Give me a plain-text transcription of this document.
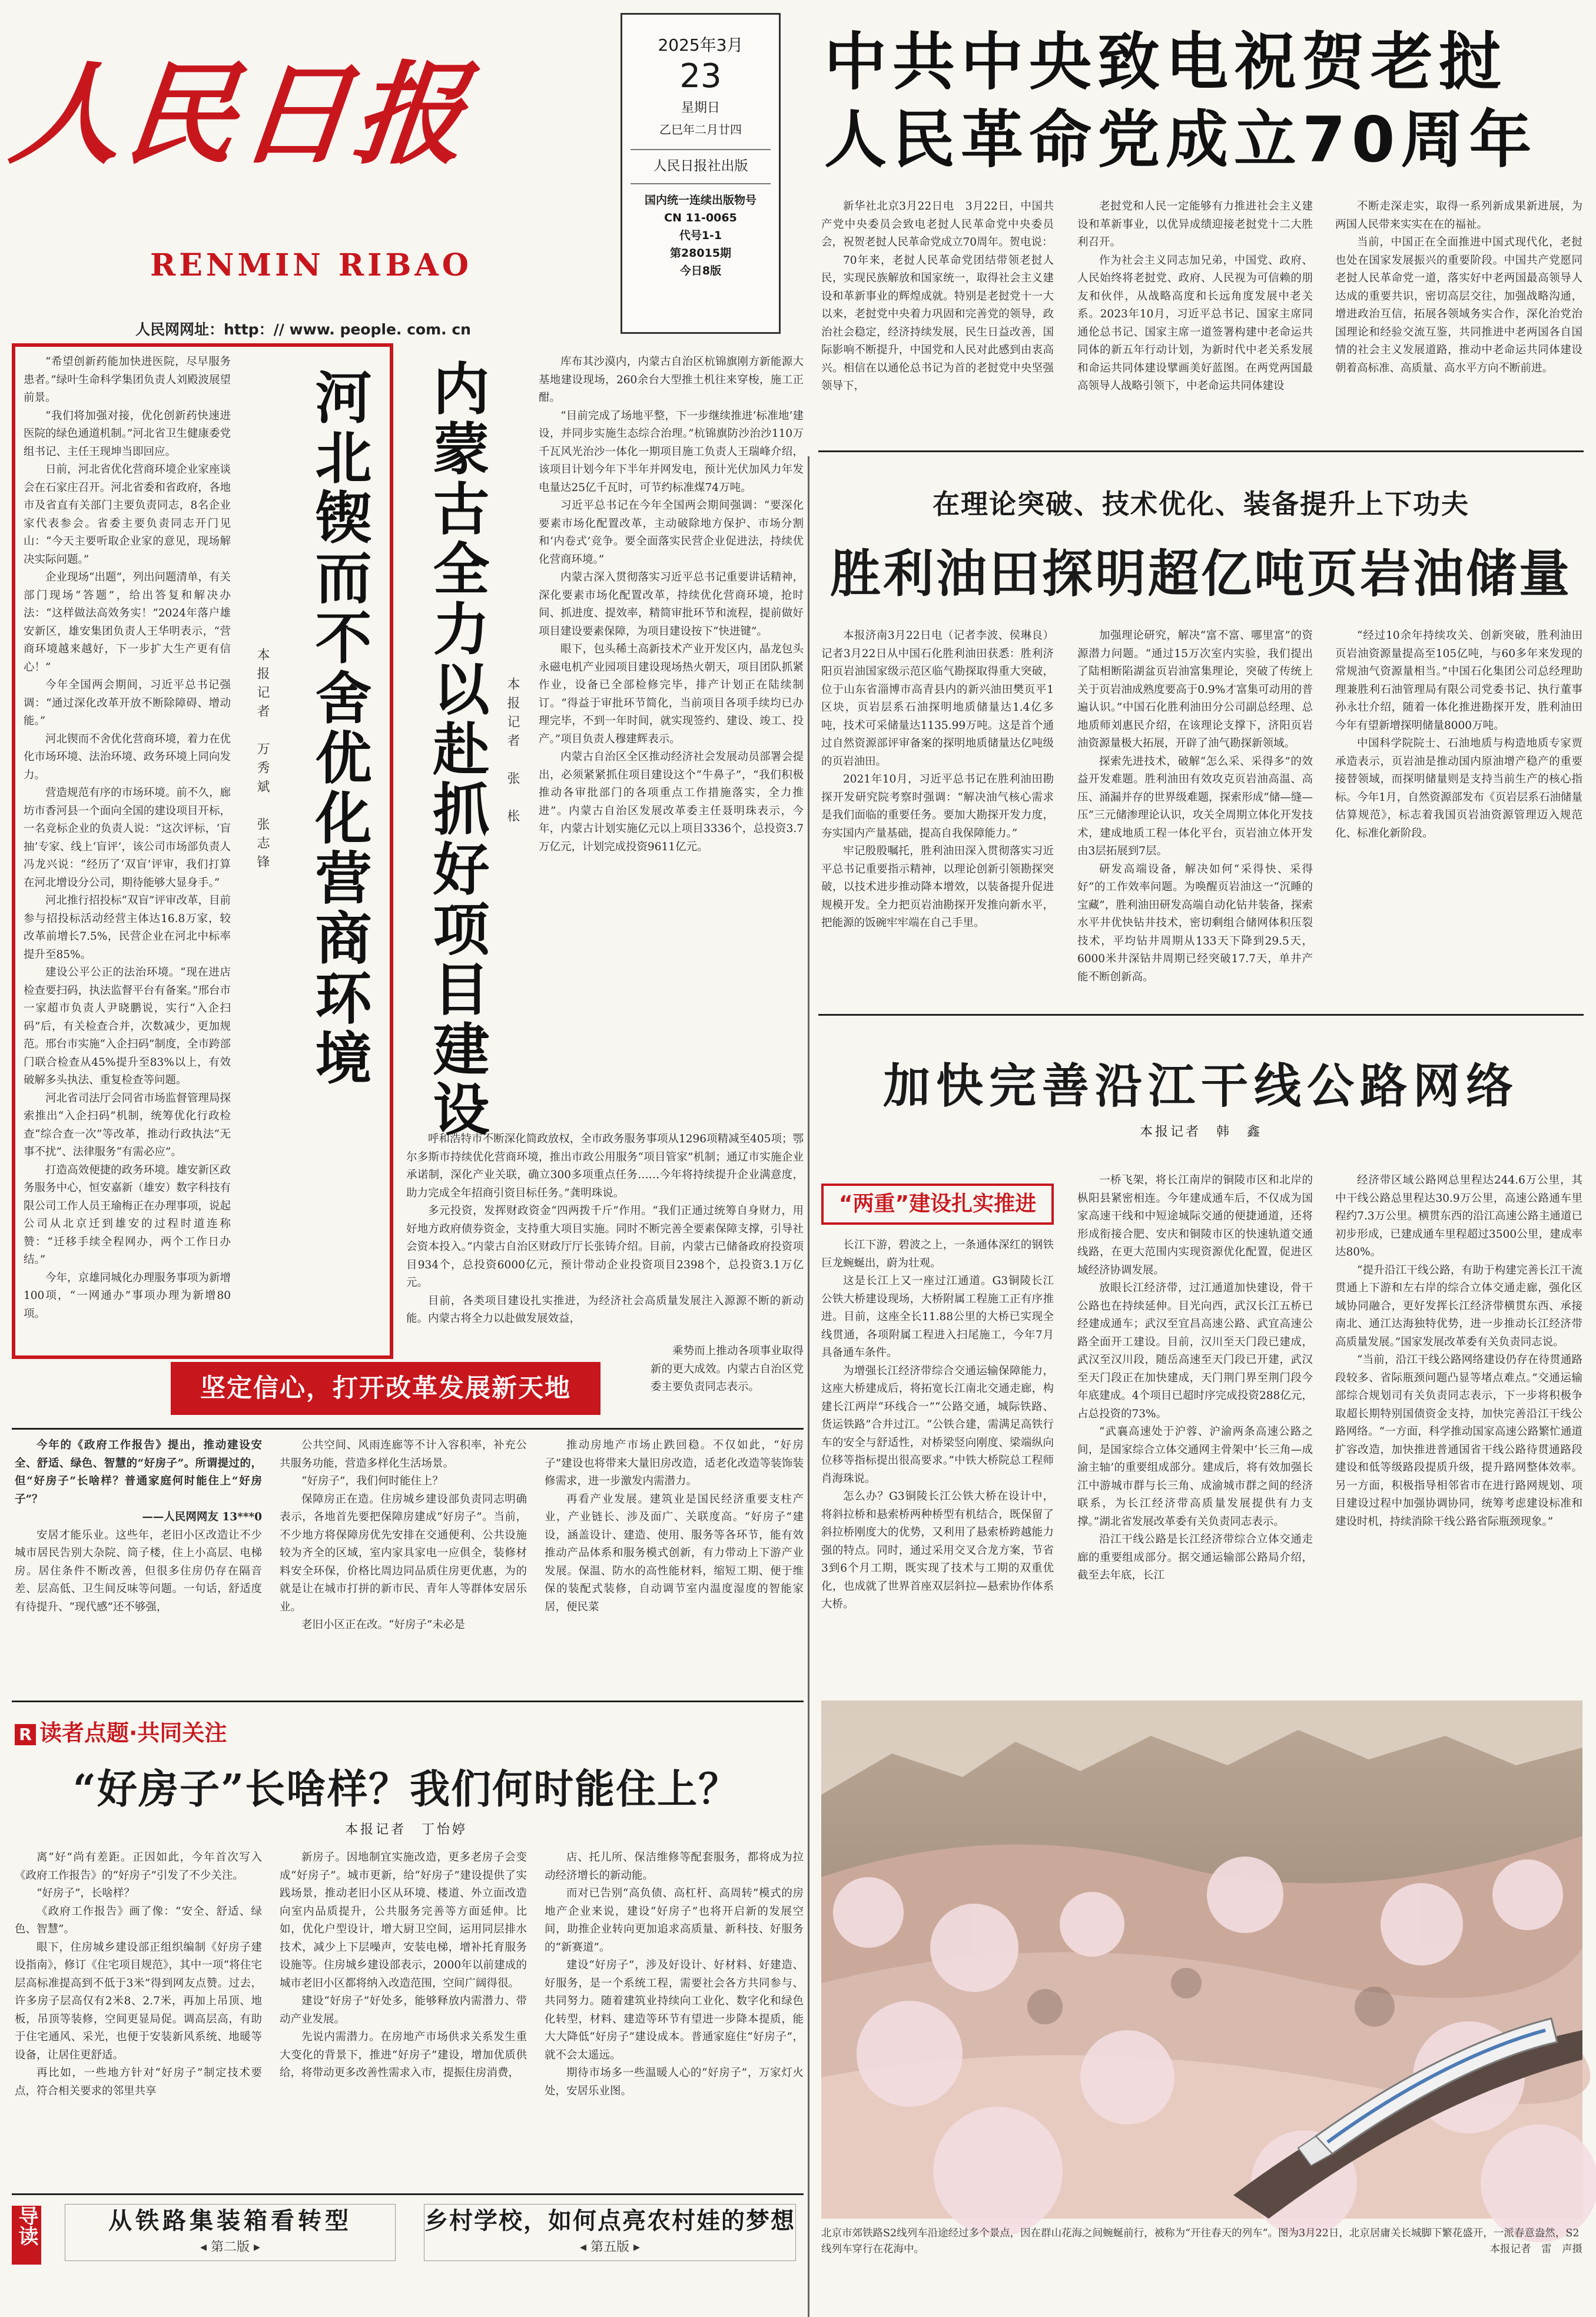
人民日报
RENMIN RIBAO
人民网网址：http：// www. people. com. cn
2025年3月
23
星期日
乙巳年二月廿四
人民日报社出版
国内统一连续出版物号
CN 11-0065
代号1-1
第28015期
今日8版
中共中央致电祝贺老挝
人民革命党成立70周年

新华社北京3月22日电　3月22日，中国共产党中央委员会致电老挝人民革命党中央委员会，祝贺老挝人民革命党成立70周年。贺电说：

70年来，老挝人民革命党团结带领老挝人民，实现民族解放和国家统一，取得社会主义建设和革新事业的辉煌成就。特别是老挝党十一大以来，老挝党中央着力巩固和完善党的领导，政治社会稳定，经济持续发展，民生日益改善，国际影响不断提升，中国党和人民对此感到由衷高兴。相信在以通伦总书记为首的老挝党中央坚强领导下，

老挝党和人民一定能够有力推进社会主义建设和革新事业，以优异成绩迎接老挝党十二大胜利召开。

作为社会主义同志加兄弟，中国党、政府、人民始终将老挝党、政府、人民视为可信赖的朋友和伙伴，从战略高度和长远角度发展中老关系。2023年10月，习近平总书记、国家主席同通伦总书记、国家主席一道签署构建中老命运共同体的新五年行动计划，为新时代中老关系发展和命运共同体建设擘画美好蓝图。在两党两国最高领导人战略引领下，中老命运共同体建设

不断走深走实，取得一系列新成果新进展，为两国人民带来实实在在的福祉。

当前，中国正在全面推进中国式现代化，老挝也处在国家发展振兴的重要阶段。中国共产党愿同老挝人民革命党一道，落实好中老两国最高领导人达成的重要共识，密切高层交往，加强战略沟通，增进政治互信，拓展各领域务实合作，深化治党治国理论和经验交流互鉴，共同推进中老两国各自国情的社会主义发展道路，推动中老命运共同体建设朝着高标准、高质量、高水平方向不断前进。

在理论突破、技术优化、装备提升上下功夫
胜利油田探明超亿吨页岩油储量

本报济南3月22日电（记者李波、侯琳良）记者3月22日从中国石化胜利油田获悉：胜利济阳页岩油国家级示范区临气勘探取得重大突破，位于山东省淄博市高青县内的新兴油田樊页平1区块，页岩层系石油探明地质储量达1.4亿多吨，技术可采储量达1135.99万吨。这是首个通过自然资源部评审备案的探明地质储量达亿吨级的页岩油田。

2021年10月，习近平总书记在胜利油田勘探开发研究院考察时强调：“解决油气核心需求是我们面临的重要任务。要加大勘探开发力度，夯实国内产量基础，提高自我保障能力。”

牢记殷殷嘱托，胜利油田深入贯彻落实习近平总书记重要指示精神，以理论创新引领勘探突破，以技术进步推动降本增效，以装备提升促进规模开发。全力把页岩油勘探开发推向新水平，把能源的饭碗牢牢端在自己手里。

加强理论研究，解决“富不富、哪里富”的资源潜力问题。“通过15万次室内实验，我们提出了陆相断陷湖盆页岩油富集理论，突破了传统上关于页岩油成熟度要高于0.9%才富集可动用的普遍认识。”中国石化胜利油田分公司副总经理、总地质师刘惠民介绍，在该理论支撑下，济阳页岩油资源量极大拓展，开辟了油气勘探新领域。

探索先进技术，破解“怎么采、采得多”的效益开发难题。胜利油田有效攻克页岩油高温、高压、涌漏并存的世界级难题，探索形成“储—缝—压”三元储渗理论认识，攻关全周期立体化开发技术，建成地质工程一体化平台，页岩油立体开发由3层拓展到7层。

研发高端设备，解决如何“采得快、采得好”的工作效率问题。为唤醒页岩油这一“沉睡的宝藏”，胜利油田研发高端自动化钻井装备，探索水平井优快钻井技术，密切剩组合储网体积压裂技术，平均钻井周期从133天下降到29.5天，6000米井深钻井周期已经突破17.7天，单井产能不断创新高。

“经过10余年持续攻关、创新突破，胜利油田页岩油资源量提高至105亿吨，与60多年来发现的常规油气资源量相当。”中国石化集团公司总经理助理兼胜利石油管理局有限公司党委书记、执行董事孙永壮介绍，随着一体化推进勘探开发，胜利油田今年有望新增探明储量8000万吨。

中国科学院院士、石油地质与构造地质专家贾承造表示，页岩油是推动国内原油增产稳产的重要接替领域，而探明储量则是支持当前生产的核心指标。今年1月，自然资源部发布《页岩层系石油储量估算规范》，标志着我国页岩油资源管理迈入规范化、标准化新阶段。

“希望创新药能加快进医院，尽早服务患者。”绿叶生命科学集团负责人刘殿波展望前景。

“我们将加强对接，优化创新药快速进医院的绿色通道机制。”河北省卫生健康委党组书记、主任王现坤当即回应。

日前，河北省优化营商环境企业家座谈会在石家庄召开。河北省委和省政府，各地市及省直有关部门主要负责同志，8名企业家代表参会。省委主要负责同志开门见山：“今天主要听取企业家的意见，现场解决实际问题。”

企业现场“出题”，列出问题清单，有关部门现场“答题”，给出答复和解决办法：“这样做法高效务实！”2024年落户雄安新区，雄安集团负责人王华明表示，“营商环境越来越好，下一步扩大生产更有信心！”

今年全国两会期间，习近平总书记强调：“通过深化改革开放不断除障碍、增动能。”

河北锲而不舍优化营商环境，着力在优化市场环境、法治环境、政务环境上同向发力。

营造规范有序的市场环境。前不久，廊坊市香河县一个面向全国的建设项目开标，一名竞标企业的负责人说：“这次评标，‘盲抽’专家、线上‘盲评’，该公司市场部负责人冯龙兴说：“经历了‘双盲’评审，我们打算在河北增设分公司，期待能够大显身手。”

河北推行招投标“双盲”评审改革，目前参与招投标活动经营主体达16.8万家，较改革前增长7.5%，民营企业在河北中标率提升至85%。

建设公平公正的法治环境。“现在进店检查要扫码，执法监督平台有备案。”邢台市一家超市负责人尹晓鹏说，实行“入企扫码”后，有关检查合并，次数减少，更加规范。邢台市实施“入企扫码”制度，全市跨部门联合检查从45%提升至83%以上，有效破解多头执法、重复检查等问题。

河北省司法厅会同省市场监督管理局探索推出“入企扫码”机制，统筹优化行政检查“综合查一次”等改革，推动行政执法“无事不扰”、法律服务“有需必应”。

打造高效便捷的政务环境。雄安新区政务服务中心，恒安嘉新（雄安）数字科技有限公司工作人员王瑜梅正在办理事项，说起公司从北京迁到雄安的过程时道连称赞：“迁移手续全程网办，两个工作日办结。”

今年，京雄同城化办理服务事项为新增100项，“一网通办”事项办理为新增80项。

河北锲而不舍优化营商环境
本报记者　万秀斌　张志锋	内蒙古全力以赴抓好项目建设 本报记者　张　枨

库布其沙漠内，内蒙古自治区杭锦旗刚方新能源大基地建设现场，260余台大型推土机往来穿梭，施工正酣。

“目前完成了场地平整，下一步继续推进‘标准地’建设，并同步实施生态综合治理。”杭锦旗防沙治沙110万千瓦风光治沙一体化一期项目施工负责人王瑞峰介绍，该项目计划今年下半年并网发电，预计光伏加风力年发电量达25亿千瓦时，可节约标准煤74万吨。

习近平总书记在今年全国两会期间强调：“要深化要素市场化配置改革，主动破除地方保护、市场分割和‘内卷式’竞争。要全面落实民营企业促进法，持续优化营商环境。”

内蒙古深入贯彻落实习近平总书记重要讲话精神，深化要素市场化配置改革，持续优化营商环境，抢时间、抓进度、提效率，精简审批环节和流程，提前做好项目建设要素保障，为项目建设按下“快进键”。

眼下，包头稀土高新技术产业开发区内，晶龙包头永磁电机产业园项目建设现场热火朝天，项目团队抓紧作业，设备已全部检修完毕，排产计划正在陆续制订。“得益于审批环节简化，当前项目各项手续均已办理完毕，不到一年时间，就实现签约、建设、竣工、投产。”项目负责人穆建辉表示。

内蒙古自治区全区推动经济社会发展动员部署会提出，必须紧紧抓住项目建设这个“牛鼻子”，“我们积极推动各审批部门的各项重点工作措施落实，全力推进”。内蒙古自治区发展改革委主任聂明珠表示，今年，内蒙古计划实施亿元以上项目3336个，总投资3.7万亿元，计划完成投资9611亿元。

呼和浩特市不断深化简政放权，全市政务服务事项从1296项精减至405项；鄂尔多斯市持续优化营商环境，推出市政公用服务“项目管家”机制；通辽市实施企业承诺制，深化产业关联，确立300多项重点任务……今年将持续提升企业满意度，助力完成全年招商引资目标任务。”龚明珠说。

多元投资，发挥财政资金“四两拨千斤”作用。“我们正通过统筹自身财力，用好地方政府债券资金，支持重大项目实施。同时不断完善全要素保障支撑，引导社会资本投入。”内蒙古自治区财政厅厅长张铸介绍。目前，内蒙古已储备政府投资项目934个，总投资6000亿元，预计带动企业投资项目2398个，总投资3.1万亿元。

目前，各类项目建设扎实推进，为经济社会高质量发展注入源源不断的新动能。内蒙古将全力以赴做发展效益，

乘势而上推动各项事业取得新的更大成效。内蒙古自治区党委主要负责同志表示。

坚定信心，打开改革发展新天地
今年的《政府工作报告》提出，推动建设安全、舒适、绿色、智慧的“好房子”。所谓提过的，但“好房子”长啥样？普通家庭何时能住上“好房子”？
——人民网网友 13***0

安居才能乐业。这些年，老旧小区改造让不少城市居民告别大杂院、筒子楼，住上小高层、电梯房。居住条件不断改善，但很多住房仍存在隔音差、层高低、卫生间反味等问题。一句话，舒适度有待提升、“现代感”还不够强，

公共空间、风雨连廊等不计入容积率，补充公共服务功能，营造多样化生活场景。

“好房子”，我们何时能住上？

保障房正在造。住房城乡建设部负责同志明确表示，各地首先要把保障房建成“好房子”。当前，不少地方将保障房优先安排在交通便利、公共设施较为齐全的区域，室内家具家电一应俱全，装修材料安全环保，价格比周边同品质住房更优惠，为的就是让在城市打拼的新市民、青年人等群体安居乐业。

老旧小区正在改。“好房子”未必是

推动房地产市场止跌回稳。不仅如此，“好房子”建设也将带来大量旧房改造，适老化改造等装饰装修需求，进一步激发内需潜力。

再看产业发展。建筑业是国民经济重要支柱产业，产业链长、涉及面广、关联度高。“好房子”建设，涵盖设计、建造、使用、服务等各环节，能有效推动产品体系和服务模式创新，有力带动上下游产业发展。保温、防水的高性能材料，缩短工期、便于维保的装配式装修，自动调节室内温度湿度的智能家居，便民菜

R 读者点题·共同关注
“好房子”长啥样？我们何时能住上？
本报记者　丁怡婷

离“好”尚有差距。正因如此，今年首次写入《政府工作报告》的“好房子”引发了不少关注。

“好房子”，长啥样？

《政府工作报告》画了像：“安全、舒适、绿色、智慧”。

眼下，住房城乡建设部正组织编制《好房子建设指南》，修订《住宅项目规范》，其中一项“将住宅层高标准提高到不低于3米”得到网友点赞。过去，许多房子层高仅有2米8、2.7米，再加上吊顶、地板，吊顶等装修，空间更显局促。调高层高，有助于住宅通风、采光，也便于安装新风系统、地暖等设备，让居住更舒适。

再比如，一些地方针对“好房子”制定技术要点，符合相关要求的邻里共享

新房子。因地制宜实施改造，更多老房子会变成“好房子”。城市更新，给“好房子”建设提供了实践场景，推动老旧小区从环境、楼道、外立面改造向室内品质提升，公共服务完善等方面延伸。比如，优化户型设计，增大厨卫空间，运用同层排水技术，减少上下层噪声，安装电梯，增补托育服务设施等。住房城乡建设部表示，2000年以前建成的城市老旧小区都将纳入改造范围，空间广阔得很。

建设“好房子”好处多，能够释放内需潜力、带动产业发展。

先说内需潜力。在房地产市场供求关系发生重大变化的背景下，推进“好房子”建设，增加优质供给，将带动更多改善性需求入市，提振住房消费，

店、托儿所、保洁维修等配套服务，都将成为拉动经济增长的新动能。

而对已告别“高负债、高杠杆、高周转”模式的房地产企业来说，建设“好房子”也将开启新的发展空间，助推企业转向更加追求高质量、新科技、好服务的“新赛道”。

建设“好房子”，涉及好设计、好材料、好建造、好服务，是一个系统工程，需要社会各方共同参与、共同努力。随着建筑业持续向工业化、数字化和绿色化转型，材料、建造等环节有望进一步降本提质，能大大降低“好房子”建设成本。普通家庭住“好房子”，就不会太遥远。

期待市场多一些温暖人心的“好房子”，万家灯火处，安居乐业图。

导读	从铁路集装箱看转型
◂ 第二版 ▸
乡村学校，如何点亮农村娃的梦想
◂ 第五版 ▸
加快完善沿江干线公路网络
本报记者　韩　鑫
“两重”建设扎实推进

长江下游，碧波之上，一条通体深红的钢铁巨龙蜿蜒出，蔚为壮观。

这是长江上又一座过江通道。G3铜陵长江公铁大桥建设现场，大桥附属工程施工正有序推进。目前，这座全长11.88公里的大桥已实现全线贯通，各项附属工程进入扫尾施工，今年7月具备通车条件。

为增强长江经济带综合交通运输保障能力，这座大桥建成后，将拓宽长江南北交通走廊，构建长江两岸“环线合一”“公路交通，城际铁路、货运铁路”合并过江。“公铁合建，需满足高铁行车的安全与舒适性，对桥梁竖向刚度、梁端纵向位移等指标提出很高要求。”中铁大桥院总工程师肖海珠说。

怎么办？G3铜陵长江公铁大桥在设计中，将斜拉桥和悬索桥两种桥型有机结合，既保留了斜拉桥刚度大的优势，又利用了悬索桥跨越能力强的特点。同时，通过采用交叉合龙方案，节省3到6个月工期，既实现了技术与工期的双重优化，也成就了世界首座双层斜拉—悬索协作体系大桥。

一桥飞架，将长江南岸的铜陵市区和北岸的枞阳县紧密相连。今年建成通车后，不仅成为国家高速干线和中短途城际交通的便捷通道，还将形成衔接合肥、安庆和铜陵市区的快速轨道交通线路，在更大范围内实现资源优化配置，促进区域经济协调发展。

放眼长江经济带，过江通道加快建设，骨干公路也在持续延伸。目光向西，武汉长江五桥已经建成通车；武汉至宜昌高速公路、武宜高速公路全面开工建设。目前，汉川至天门段已建成，武汉至汉川段，随岳高速至天门段已开建，武汉至天门段正在加快建成，天门荆门界至荆门段今年底建成。4个项目已超时序完成投资288亿元，占总投资的73%。

“武襄高速处于沪蓉、沪渝两条高速公路之间，是国家综合立体交通网主骨架中‘长三角—成渝主轴’的重要组成部分。建成后，将有效加强长江中游城市群与长三角、成渝城市群之间的经济联系，为长江经济带高质量发展提供有力支撑。”湖北省发展改革委有关负责同志表示。

沿江干线公路是长江经济带综合立体交通走廊的重要组成部分。据交通运输部公路局介绍，截至去年底，长江

经济带区域公路网总里程达244.6万公里，其中干线公路总里程达30.9万公里，高速公路通车里程约7.3万公里。横贯东西的沿江高速公路主通道已初步形成，已建成通车里程超过3500公里，建成率达80%。

“提升沿江干线公路，有助于构建完善长江干流贯通上下游和左右岸的综合立体交通走廊，强化区域协同融合，更好发挥长江经济带横贯东西、承接南北、通江达海独特优势，进一步推动长江经济带高质量发展。”国家发展改革委有关负责同志说。

“当前，沿江干线公路网络建设仍存在待贯通路段较多、省际瓶颈问题凸显等堵点难点。”交通运输部综合规划司有关负责同志表示，下一步将积极争取超长期特别国债资金支持，加快完善沿江干线公路网络。“一方面，科学推动国家高速公路繁忙通道扩容改造，加快推进普通国省干线公路待贯通路段建设和低等级路段提质升级，提升路网整体效率。另一方面，积极指导相邻省市在进行路网规划、项目建设过程中加强协调协同，统筹考虑建设标准和建设时机，持续消除干线公路省际瓶颈现象。”

北京市郊铁路S2线列车沿途经过多个景点，因在群山花海之间蜿蜒前行，被称为“开往春天的列车”。图为3月22日，北京居庸关长城脚下繁花盛开，一派春意盎然，S2线列车穿行在花海中。	本报记者　雷　声摄
